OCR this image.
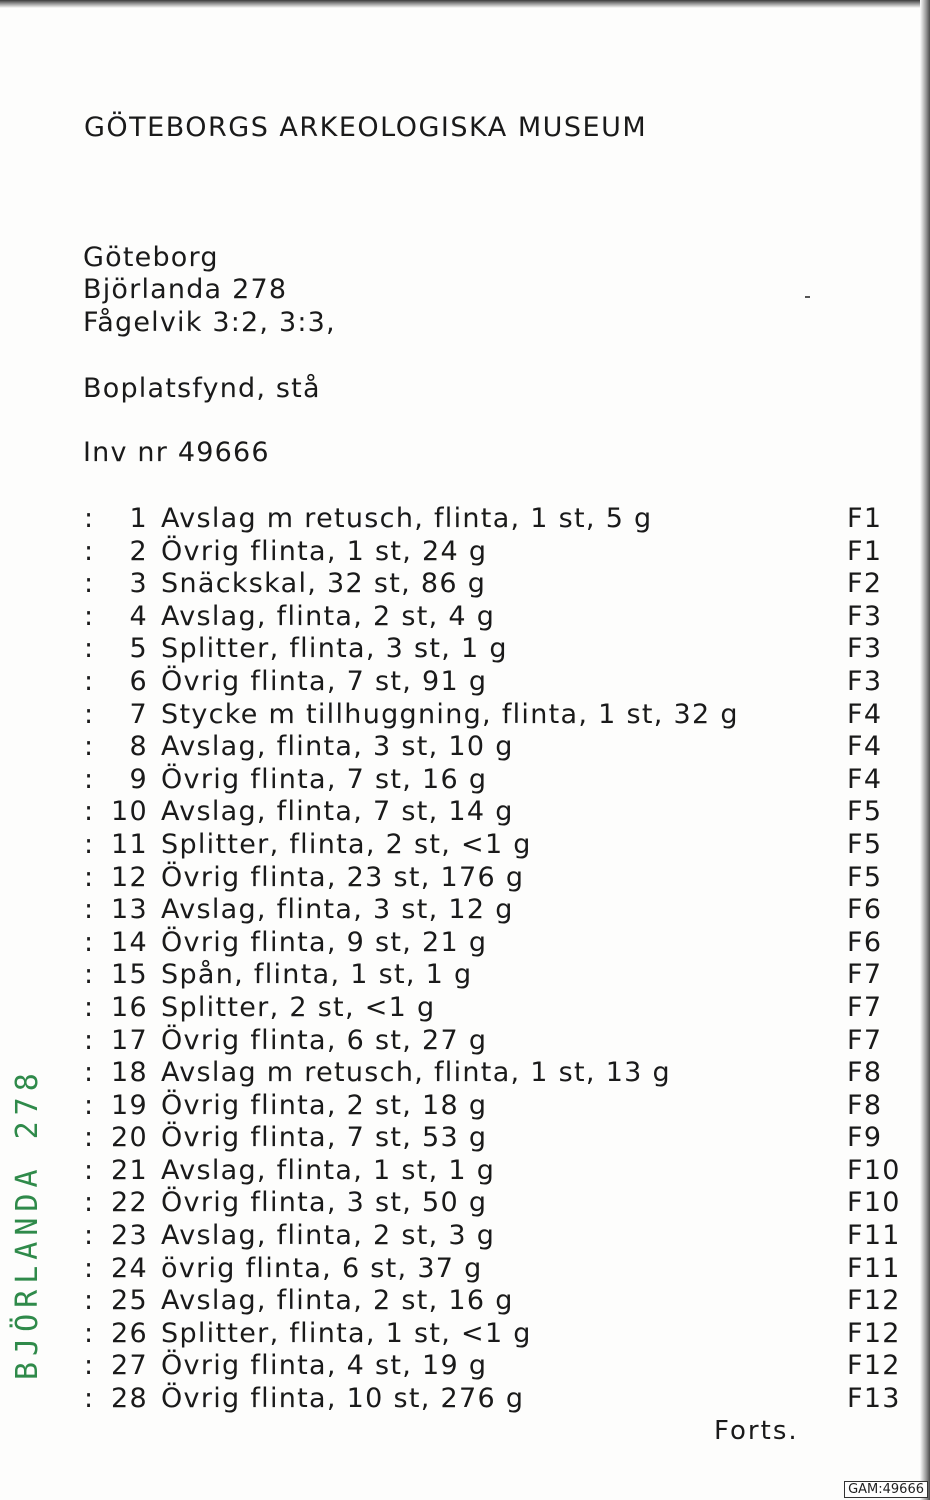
GÖTEBORGS ARKEOLOGISKA MUSEUM
Göteborg
Björlanda 278
Fågelvik 3:2, 3:3,
Boplatsfynd, stå
Inv nr 49666
:	1 Avslag m retusch, flinta, 1 st, 5 g	F1
:	2 Övrig flinta, 1 st, 24 g	F1
:	3 Snäckskal, 32 st, 86 g	F2
:	4 Avslag, flinta, 2 st, 4 g	F3
:	5 Splitter, flinta, 3 st, 1 g	F3
:	6 Övrig flinta, 7 st, 91 g	F3
:	7 Stycke m tillhuggning, flinta, 1 st, 32 g	F4
:	8 Avslag, flinta, 3 st, 10 g	F4
:	9 Övrig flinta, 7 st, 16 g	F4
: 10 Avslag, flinta, 7 st, 14 g	F5
: 11 Splitter, flinta, 2 st, <1 g	F5
: 12 Övrig flinta, 23 st, 176 g	F5
: 13 Avslag, flinta, 3 st, 12 g	F6
: 14 Övrig flinta, 9 st, 21 g	F6
: 15 Spån, flinta, 1 st, 1 g	F7
: 16 Splitter, 2 st, <1 g	F7
: 17 Övrig flinta, 6 st, 27 g	F7
: 18 Avslag m retusch, flinta, 1 st, 13 g	F8
: 19 Övrig flinta, 2 st, 18 g	F8
: 20 Övrig flinta, 7 st, 53 g	F9
: 21 Avslag, flinta, 1 st, 1 g	F10
: 22 Övrig flinta, 3 st, 50 g	F10
: 23 Avslag, flinta, 2 st, 3 g	F11
: 24 övrig flinta, 6 st, 37 g	F11
: 25 Avslag, flinta, 2 st, 16 g	F12
: 26 Splitter, flinta, 1 st, <1 g	F12
: 27 Övrig flinta, 4 st, 19 g	F12
: 28 Övrig flinta, 10 st, 276 g	F13
Forts.
BJÖRLANDA 278
GAM:49666
